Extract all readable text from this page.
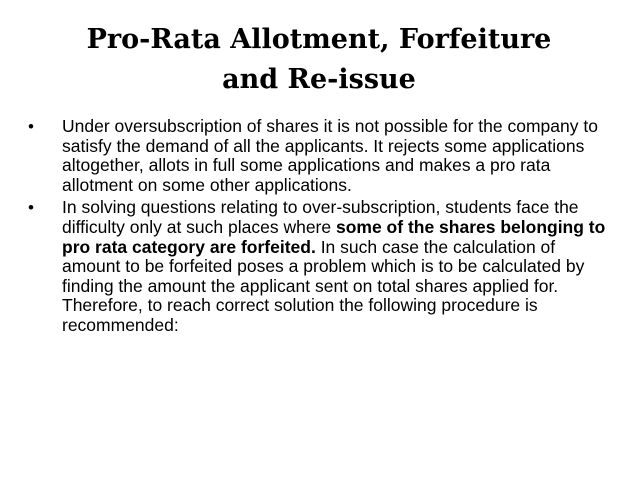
Pro-Rata Allotment, Forfeiture
and Re-issue
• Under oversubscription of shares it is not possible for the company to satisfy the demand of all the applicants. It rejects some applications altogether, allots in full some applications and makes a pro rata allotment on some other applications.
• In solving questions relating to over-subscription, students face the difficulty only at such places where some of the shares belonging to pro rata category are forfeited. In such case the calculation of amount to be forfeited poses a problem which is to be calculated by finding the amount the applicant sent on total shares applied for. Therefore, to reach correct solution the following procedure is recommended:
